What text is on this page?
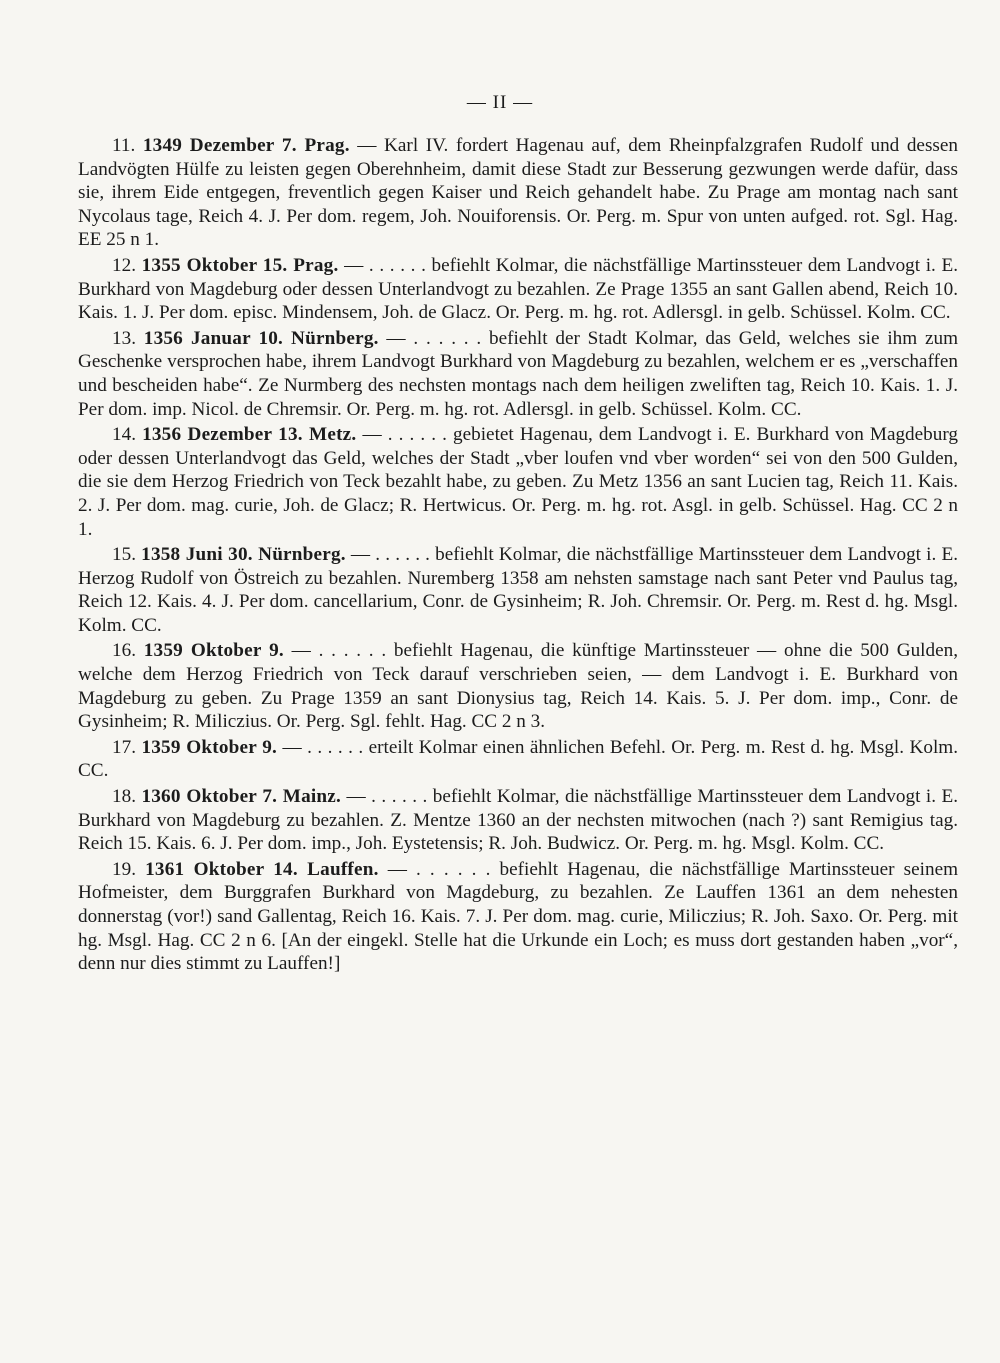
— II —

11. 1349 Dezember 7. Prag. — Karl IV. fordert Hagenau auf, dem Rheinpfalzgrafen Rudolf und dessen Landvögten Hülfe zu leisten gegen Oberehnheim, damit diese Stadt zur Besserung gezwungen werde dafür, dass sie, ihrem Eide entgegen, freventlich gegen Kaiser und Reich gehandelt habe. Zu Prage am montag nach sant Nycolaus tage, Reich 4. J. Per dom. regem, Joh. Nouiforensis. Or. Perg. m. Spur von unten aufged. rot. Sgl. Hag. EE 25 n 1.

12. 1355 Oktober 15. Prag. — . . . . . . befiehlt Kolmar, die nächstfällige Martinssteuer dem Landvogt i. E. Burkhard von Magdeburg oder dessen Unterlandvogt zu bezahlen. Ze Prage 1355 an sant Gallen abend, Reich 10. Kais. 1. J. Per dom. episc. Mindensem, Joh. de Glacz. Or. Perg. m. hg. rot. Adlersgl. in gelb. Schüssel. Kolm. CC.

13. 1356 Januar 10. Nürnberg. — . . . . . . befiehlt der Stadt Kolmar, das Geld, welches sie ihm zum Geschenke versprochen habe, ihrem Landvogt Burkhard von Magdeburg zu bezahlen, welchem er es „verschaffen und bescheiden habe“. Ze Nurmberg des nechsten montags nach dem heiligen zweliften tag, Reich 10. Kais. 1. J. Per dom. imp. Nicol. de Chremsir. Or. Perg. m. hg. rot. Adlersgl. in gelb. Schüssel. Kolm. CC.

14. 1356 Dezember 13. Metz. — . . . . . . gebietet Hagenau, dem Landvogt i. E. Burkhard von Magdeburg oder dessen Unterlandvogt das Geld, welches der Stadt „vber loufen vnd vber worden“ sei von den 500 Gulden, die sie dem Herzog Friedrich von Teck bezahlt habe, zu geben. Zu Metz 1356 an sant Lucien tag, Reich 11. Kais. 2. J. Per dom. mag. curie, Joh. de Glacz; R. Hertwicus. Or. Perg. m. hg. rot. Asgl. in gelb. Schüssel. Hag. CC 2 n 1.

15. 1358 Juni 30. Nürnberg. — . . . . . . befiehlt Kolmar, die nächstfällige Martinssteuer dem Landvogt i. E. Herzog Rudolf von Östreich zu bezahlen. Nuremberg 1358 am nehsten samstage nach sant Peter vnd Paulus tag, Reich 12. Kais. 4. J. Per dom. cancellarium, Conr. de Gysinheim; R. Joh. Chremsir. Or. Perg. m. Rest d. hg. Msgl. Kolm. CC.

16. 1359 Oktober 9. — . . . . . . befiehlt Hagenau, die künftige Martinssteuer — ohne die 500 Gulden, welche dem Herzog Friedrich von Teck darauf verschrieben seien, — dem Landvogt i. E. Burkhard von Magdeburg zu geben. Zu Prage 1359 an sant Dionysius tag, Reich 14. Kais. 5. J. Per dom. imp., Conr. de Gysinheim; R. Miliczius. Or. Perg. Sgl. fehlt. Hag. CC 2 n 3.

17. 1359 Oktober 9. — . . . . . . erteilt Kolmar einen ähnlichen Befehl. Or. Perg. m. Rest d. hg. Msgl. Kolm. CC.

18. 1360 Oktober 7. Mainz. — . . . . . . befiehlt Kolmar, die nächstfällige Martinssteuer dem Landvogt i. E. Burkhard von Magdeburg zu bezahlen. Z. Mentze 1360 an der nechsten mitwochen (nach ?) sant Remigius tag. Reich 15. Kais. 6. J. Per dom. imp., Joh. Eystetensis; R. Joh. Budwicz. Or. Perg. m. hg. Msgl. Kolm. CC.

19. 1361 Oktober 14. Lauffen. — . . . . . . befiehlt Hagenau, die nächstfällige Martinssteuer seinem Hofmeister, dem Burggrafen Burkhard von Magdeburg, zu bezahlen. Ze Lauffen 1361 an dem nehesten donnerstag (vor!) sand Gallentag, Reich 16. Kais. 7. J. Per dom. mag. curie, Miliczius; R. Joh. Saxo. Or. Perg. mit hg. Msgl. Hag. CC 2 n 6. [An der eingekl. Stelle hat die Urkunde ein Loch; es muss dort gestanden haben „vor“, denn nur dies stimmt zu Lauffen!]
